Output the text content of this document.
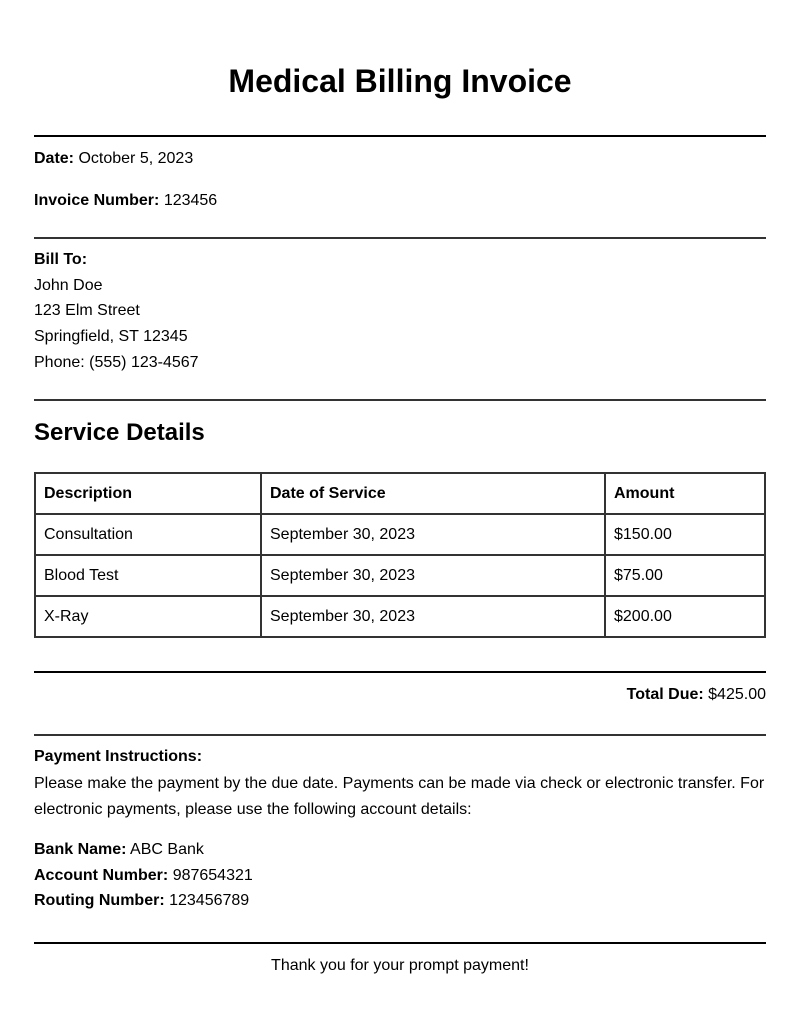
Medical Billing Invoice
Date: October 5, 2023
Invoice Number: 123456
Bill To:
John Doe
123 Elm Street
Springfield, ST 12345
Phone: (555) 123-4567
Service Details
Description	Date of Service	Amount
Consultation	September 30, 2023	$150.00
Blood Test	September 30, 2023	$75.00
X-Ray	September 30, 2023	$200.00
Total Due: $425.00
Payment Instructions:
Please make the payment by the due date. Payments can be made via check or electronic transfer. For electronic payments, please use the following account details:
Bank Name: ABC Bank
Account Number: 987654321
Routing Number: 123456789
Thank you for your prompt payment!
